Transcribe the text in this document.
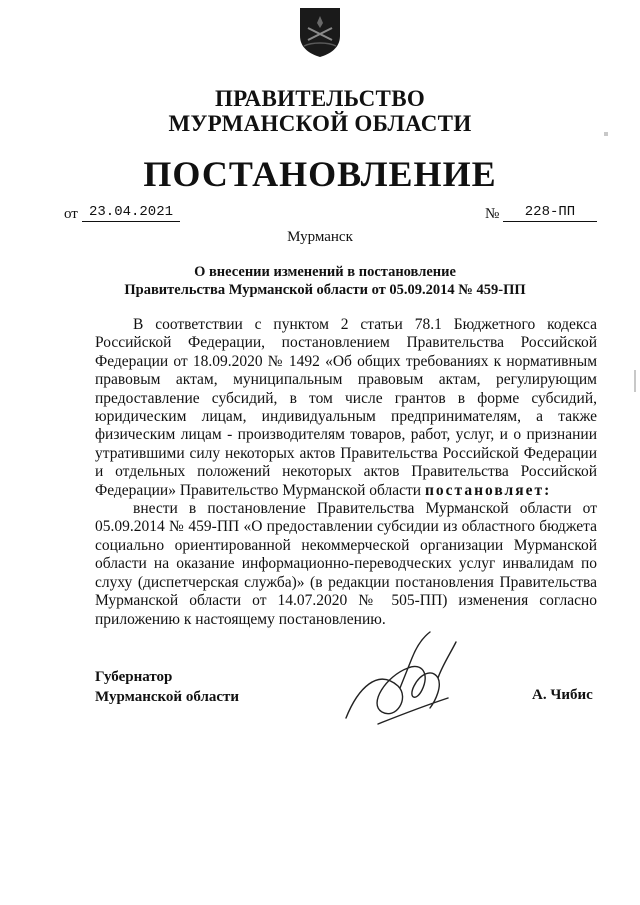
ПРАВИТЕЛЬСТВО
МУРМАНСКОЙ ОБЛАСТИ
ПОСТАНОВЛЕНИЕ
от 23.04.2021	№	228-ПП
Мурманск
О внесении изменений в постановление
Правительства Мурманской области от 05.09.2014 № 459-ПП

В соответствии с пунктом 2 статьи 78.1 Бюджетного кодекса Российской Федерации, постановлением Правительства Российской Федерации от 18.09.2020 № 1492 «Об общих требованиях к нормативным правовым актам, муниципальным правовым актам, регулирующим предоставление субсидий, в том числе грантов в форме субсидий, юридическим лицам, индивидуальным предпринимателям, а также физическим лицам - производителям товаров, работ, услуг, и о признании утратившими силу некоторых актов Правительства Российской Федерации и отдельных положений некоторых актов Правительства Российской Федерации» Правительство Мурманской области постановляет:

внести в постановление Правительства Мурманской области от 05.09.2014 № 459-ПП «О предоставлении субсидии из областного бюджета социально ориентированной некоммерческой организации Мурманской области на оказание информационно-переводческих услуг инвалидам по слуху (диспетчерская служба)» (в редакции постановления Правительства Мурманской области от 14.07.2020 № 505-ПП) изменения согласно приложению к настоящему постановлению.

Губернатор
Мурманской области	А. Чибис
